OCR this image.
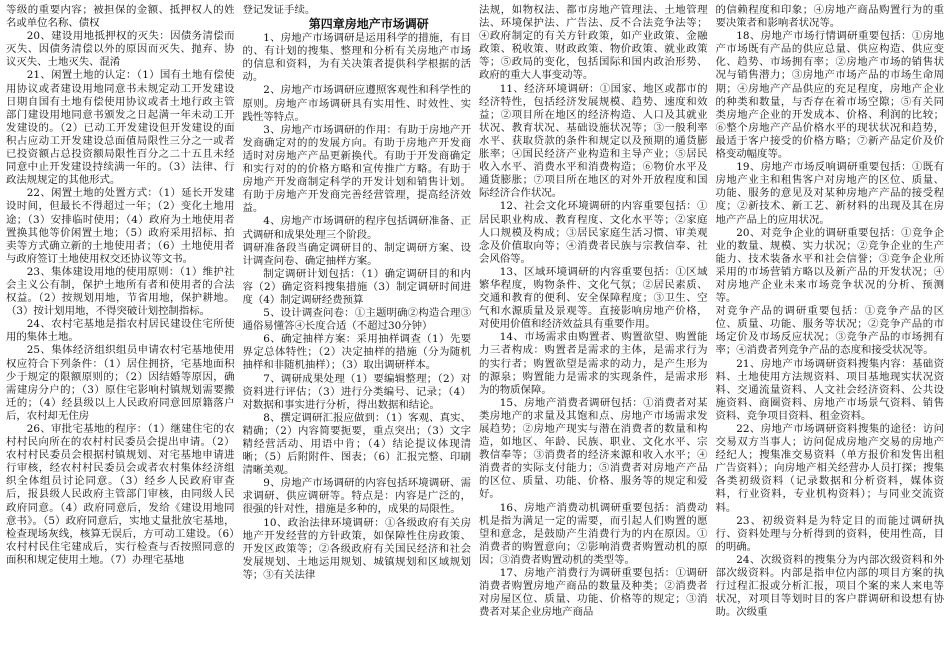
等级的重要内容；被担保的金额、抵押权人的姓名或单位名称、债权

20、建设用地抵押权的灭失：因债务清偿而灭失、因债务清偿以外的原因而灭失、抛弃、协议灭失、土地灭失、混淆

21、闲置土地的认定：（1）国有土地有偿使用协议或者建设用地同意书未规定动工开发建设日期自国有土地有偿使用协议或者土地行政主管部门建设用地同意书颁发之日起满一年未动工开发建设的。（2）已动工开发建设但开发建设的面积占应动工开发建设总面值局限性三分之一或者已投资额占总投资额局限性百分之二十五且未经同意中止开发建设持续满一年的。（3）法律、行政法规规定的其他形式。

22、闲置土地的处置方式：（1）延长开发建设时间，但最长不得超过一年；（2）变化土地用途；（3）安排临时使用；（4）政府为土地使用者置换其他等价闲置土地；（5）政府采用招标、拍卖等方式确立新的土地使用者；（6）土地使用者与政府签订土地使用权交还协议等文书。

23、集体建设用地的使用原则：（1）维护社会主义公有制，保护土地所有者和使用者的合法权益。（2）按规划用地，节省用地，保护耕地。（3）按计划用地，不得突破计划控制指标。

24、农村宅基地是指农村居民建设住宅所使用的集体土地。

25、集体经济组织组员申请农村宅基地使用权应符合下列条件：（1）居住拥挤，宅基地面积少于规定的限额原则的；（2）因结婚等原因，确需建房分户的；（3）原住宅影响村镇规划需要搬迁的；（4）经县级以上人民政府同意回原籍落户后，农村却无住房

26、审批宅基地的程序：（1）继建住宅的农村村民向所在的农村村民委员会提出申请。（2）农村村民委员会根据村镇规划、对宅基地申请进行审核，经农村村民委员会或者农村集体经济组织全体组员讨论同意。（3）经乡人民政府审查后，报县级人民政府主管部门审核，由同级人民政府同意。（4）政府同意后，发给《建设用地同意书》。（5）政府同意后，实地丈量批放宅基地，检查现场灰线，核算无误后，方可动工建设。（6）农村村民住宅建成后，实行检查与否按照同意的面积和规定使用土地。（7）办理宅基地

登记发证手续。

第四章房地产市场调研

1、房地产市场调研是运用科学的措施，有目的、有计划的搜集、整理和分析有关房地产市场的信息和资料，为有关决策者提供科学根据的活动。

2、房地产市场调研应遵照客观性和科学性的原则。房地产市场调研具有实用性、时效性、实践性等特点。

3、房地产市场调研的作用：有助于房地产开发商确定对的的发展方向。有助于房地产开发商适时对房地产产品更新换代。有助于开发商确定和实行对的的价格方略和宣传推广方略。有助于房地产开发商制定科学的开发计划和销售计划。有助于房地产开发商完善经营管理，提高经济效益。

4、房地产市场调研的程序包括调研准备、正式调研和成果处理三个阶段。

调研准备段当确定调研目的、制定调研方案、设计调查问卷、确定抽样方案。

制定调研计划包括：（1）确定调研目的和内容（2）确定资料搜集措施（3）制定调研时间进度（4）制定调研经费预算

5、设计调查问卷：①主题明确②构造合理③通俗易懂答④长度合适（不超过30分钟）

6、确定抽样方案：采用抽样调查（1）先要界定总体特性；（2）决定抽样的措施（分为随机抽样和非随机抽样）；（3）取出调研样本。

7、调研成果处理（1）要编辑整理；（2）对资料进行评估；（3）进行分类编号、记录；（4）对数据和事实进行分析，得出数据和结论。

8、撰定调研汇报应做到：（1）客观、真实、精确；（2）内容简要扼要，重点突出；（3）文字精经营活动、用语中肯；（4）结论提议体现清晰；（5）后附附件、图表；（6）汇报完整、印刷清晰美观。

9、房地产市场调研的内容包括环境调研、需求调研、供应调研等。特点是：内容是广泛的，很强的针对性，措施是多种的，成果的局限性。

10、政治法律环境调研：①各级政府有关房地产开发经营的方针政策，如保障性住房政策、开发区政策等；②各级政府有关国民经济和社会发展规划、土地运用规划、城镇规划和区域规划等；③有关法律

法规，如物权法、都市房地产管理法、土地管理法、环境保护法、广告法、反不合法竞争法等；④政府制定的有关方针政策，如产业政策、金融政策、税收策、财政政策、物价政策、就业政策等；⑤政局的变化，包括国际和国内政治形势、政府的重大人事变动等。

11、经济环境调研：①国家、地区或都市的经济特性，包括经济发展规模、趋势、速度和效益；②项目所在地区的经济构造、人口及其就业状况、教育状况、基础设施状况等；③一般利率水平、获取贷款的条件和规定以及预期的通货膨胀率；④国民经济产业构造和主导产业；⑤居民收入水平、消费水平和消费构造；⑥物价水平及通货膨胀；⑦项目所在地区的对外开放程度和国际经济合作状况。

12、社会文化环境调研的内容重要包括：①居民职业构成、教育程度、文化水平等；②家庭人口规模及构成；③居民家庭生活习惯、审美观念及价值取向等；④消费者民族与宗教信奉、社会风俗等。

13、区域环境调研的内容重要包括：①区域繁华程度，购物条件、文化气氛；②居民素质、交通和教育的便利、安全保障程度；③卫生、空气和水源质量及景观等。直接影响房地产价格，对使用价值和经济效益具有重要作用。

14、市场需求由购置者、购置欲望、购置能力三者构成：购置者是需求的主体，是需求行为的实行者；购置欲望是需求的动力，是产生形为的源泉；购置能力是需求的实现条件，是需求形为的物质保障。

15、房地产消费者调研包括：①消费者对某类房地产的求量及其饱和点、房地产市场需求发展趋势；②房地产现实与潜在消费者的数量和构造，如地区、年龄、民族、职业、文化水平、宗教信奉等；③消费者的经济来源和收入水平；④消费者的实际支付能力；⑤消费者对房地产产品的区位、质量、功能、价格、服务等的规定和爱好。

16、房地产消费动机调研重要包括：消费动机是指为满足一定的需要，而引起人们购置的愿望和意念，是鼓励产生消费行为的内在原因。①消费者的购置意向；②影响消费者购置动机的原因；③消费者购置动机的类型等。

17、房地产消费行为调研重要包括：①调研消费者购置房地产商品的数量及种类；②消费者对房屋区位、质量、功能、价格等的规定；③消费者对某企业房地产商品

的信赖程度和印象；④房地产商品购置行为的重要决策者和影响者状况等。

18、房地产市场行情调研重要包括：①房地产市场既有产品的供应总量、供应构造、供应变化、趋势、市场拥有率；②房地产市场的销售状况与销售潜力；③房地产市场产品的市场生命周期；④房地产产品供应的充足程度，房地产企业的种类和数量，与否存在着市场空隙；⑤有关同类房地产企业的开发成本、价格、利润的比较；⑥整个房地产产品价格水平的现状状况和趋势，最适于客户接受的价格方略；⑦新产品定价及价格变动幅度等。

19、房地产市场反响调研重要包括：①既有房地产业主和租售客户对房地产的区位、质量、功能、服务的意见及对某种房地产产品的接受程度；②新技术、新工艺、新材料的出现及其在房地产产品上的应用状况。

20、对竞争企业的调研重要包括：①竞争企业的数量、规模、实力状况；②竞争企业的生产能力、技术装备水平和社会信誉；③竞争企业所采用的市场营销方略以及新产品的开发状况；④对房地产企业未来市场竞争状况的分析、预测等。

对竞争产品的调研重要包括：①竞争产品的区位、质量、功能、服务等状况；②竞争产品的市场定价及市场反应状况；③竞争产品的市场拥有率；④消费者列竞争产品的态度和接受状况等。

21、房地产市场调研资料搜集内容：基础资料、土地使用方法规资料、项目基地现实状况资料、交通流量资料、人文社会经济资料、公共设施资料、商圈资料、房地产市场景气资料、销售资料、竞争项目资料、租金资料。

22、房地产市场调研资料搜集的途径：访问交易双方当事人；访问促成房地产交易的房地产经纪人；搜集准交易资料（单方报价和发售出租广告资料）；向房地产相关经营办人员打探；搜集各类初级资料（记录数据和分析资料，媒体资料，行业资料，专业机构资料）；与同业交流资料。

23、初级资料是为特定目的而能过调研执行、资料处理与分析得到的资料，使用性高，目的明确。

24、次级资料的搜集分为内部次级资料和外部次级资料。内部是指申位内部的项目方案的执行过程汇报或分析汇报，项目个案的来人来电等状况，对项目等划时目的客户群调研和设想有协助。次级重
